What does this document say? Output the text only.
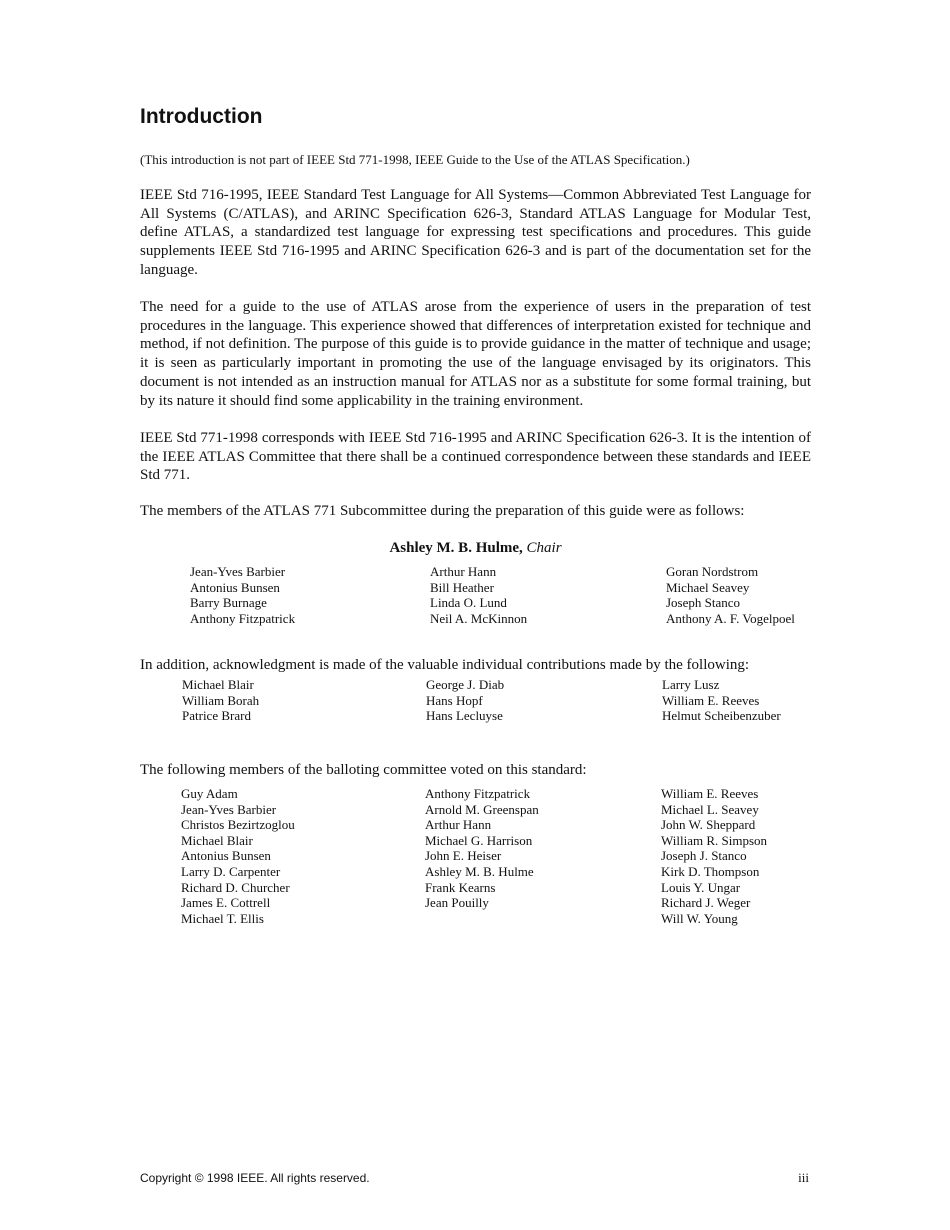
Introduction
(This introduction is not part of IEEE Std 771-1998, IEEE Guide to the Use of the ATLAS Specification.)

IEEE Std 716-1995, IEEE Standard Test Language for All Systems—Common Abbreviated Test Language for All Systems (C/ATLAS), and ARINC Specification 626-3, Standard ATLAS Language for Modular Test, define ATLAS, a standardized test language for expressing test specifications and procedures. This guide supplements IEEE Std 716-1995 and ARINC Specification 626-3 and is part of the documentation set for the language.

The need for a guide to the use of ATLAS arose from the experience of users in the preparation of test procedures in the language. This experience showed that differences of interpretation existed for technique and method, if not definition. The purpose of this guide is to provide guidance in the matter of technique and usage; it is seen as particularly important in promoting the use of the language envisaged by its originators. This document is not intended as an instruction manual for ATLAS nor as a substitute for some formal training, but by its nature it should find some applicability in the training environment.

IEEE Std 771-1998 corresponds with IEEE Std 716-1995 and ARINC Specification 626-3. It is the intention of the IEEE ATLAS Committee that there shall be a continued correspondence between these standards and IEEE Std 771.

The members of the ATLAS 771 Subcommittee during the preparation of this guide were as follows:

Ashley M. B. Hulme, Chair
Jean-Yves Barbier
Antonius Bunsen
Barry Burnage
Anthony Fitzpatrick
Arthur Hann
Bill Heather
Linda O. Lund
Neil A. McKinnon
Goran Nordstrom
Michael Seavey
Joseph Stanco
Anthony A. F. Vogelpoel

In addition, acknowledgment is made of the valuable individual contributions made by the following:

Michael Blair
William Borah
Patrice Brard
George J. Diab
Hans Hopf
Hans Lecluyse
Larry Lusz
William E. Reeves
Helmut Scheibenzuber

The following members of the balloting committee voted on this standard:

Guy Adam
Jean-Yves Barbier
Christos Bezirtzoglou
Michael Blair
Antonius Bunsen
Larry D. Carpenter
Richard D. Churcher
James E. Cottrell
Michael T. Ellis
Anthony Fitzpatrick
Arnold M. Greenspan
Arthur Hann
Michael G. Harrison
John E. Heiser
Ashley M. B. Hulme
Frank Kearns
Jean Pouilly
William E. Reeves
Michael L. Seavey
John W. Sheppard
William R. Simpson
Joseph J. Stanco
Kirk D. Thompson
Louis Y. Ungar
Richard J. Weger
Will W. Young
Copyright © 1998 IEEE. All rights reserved.	iii
